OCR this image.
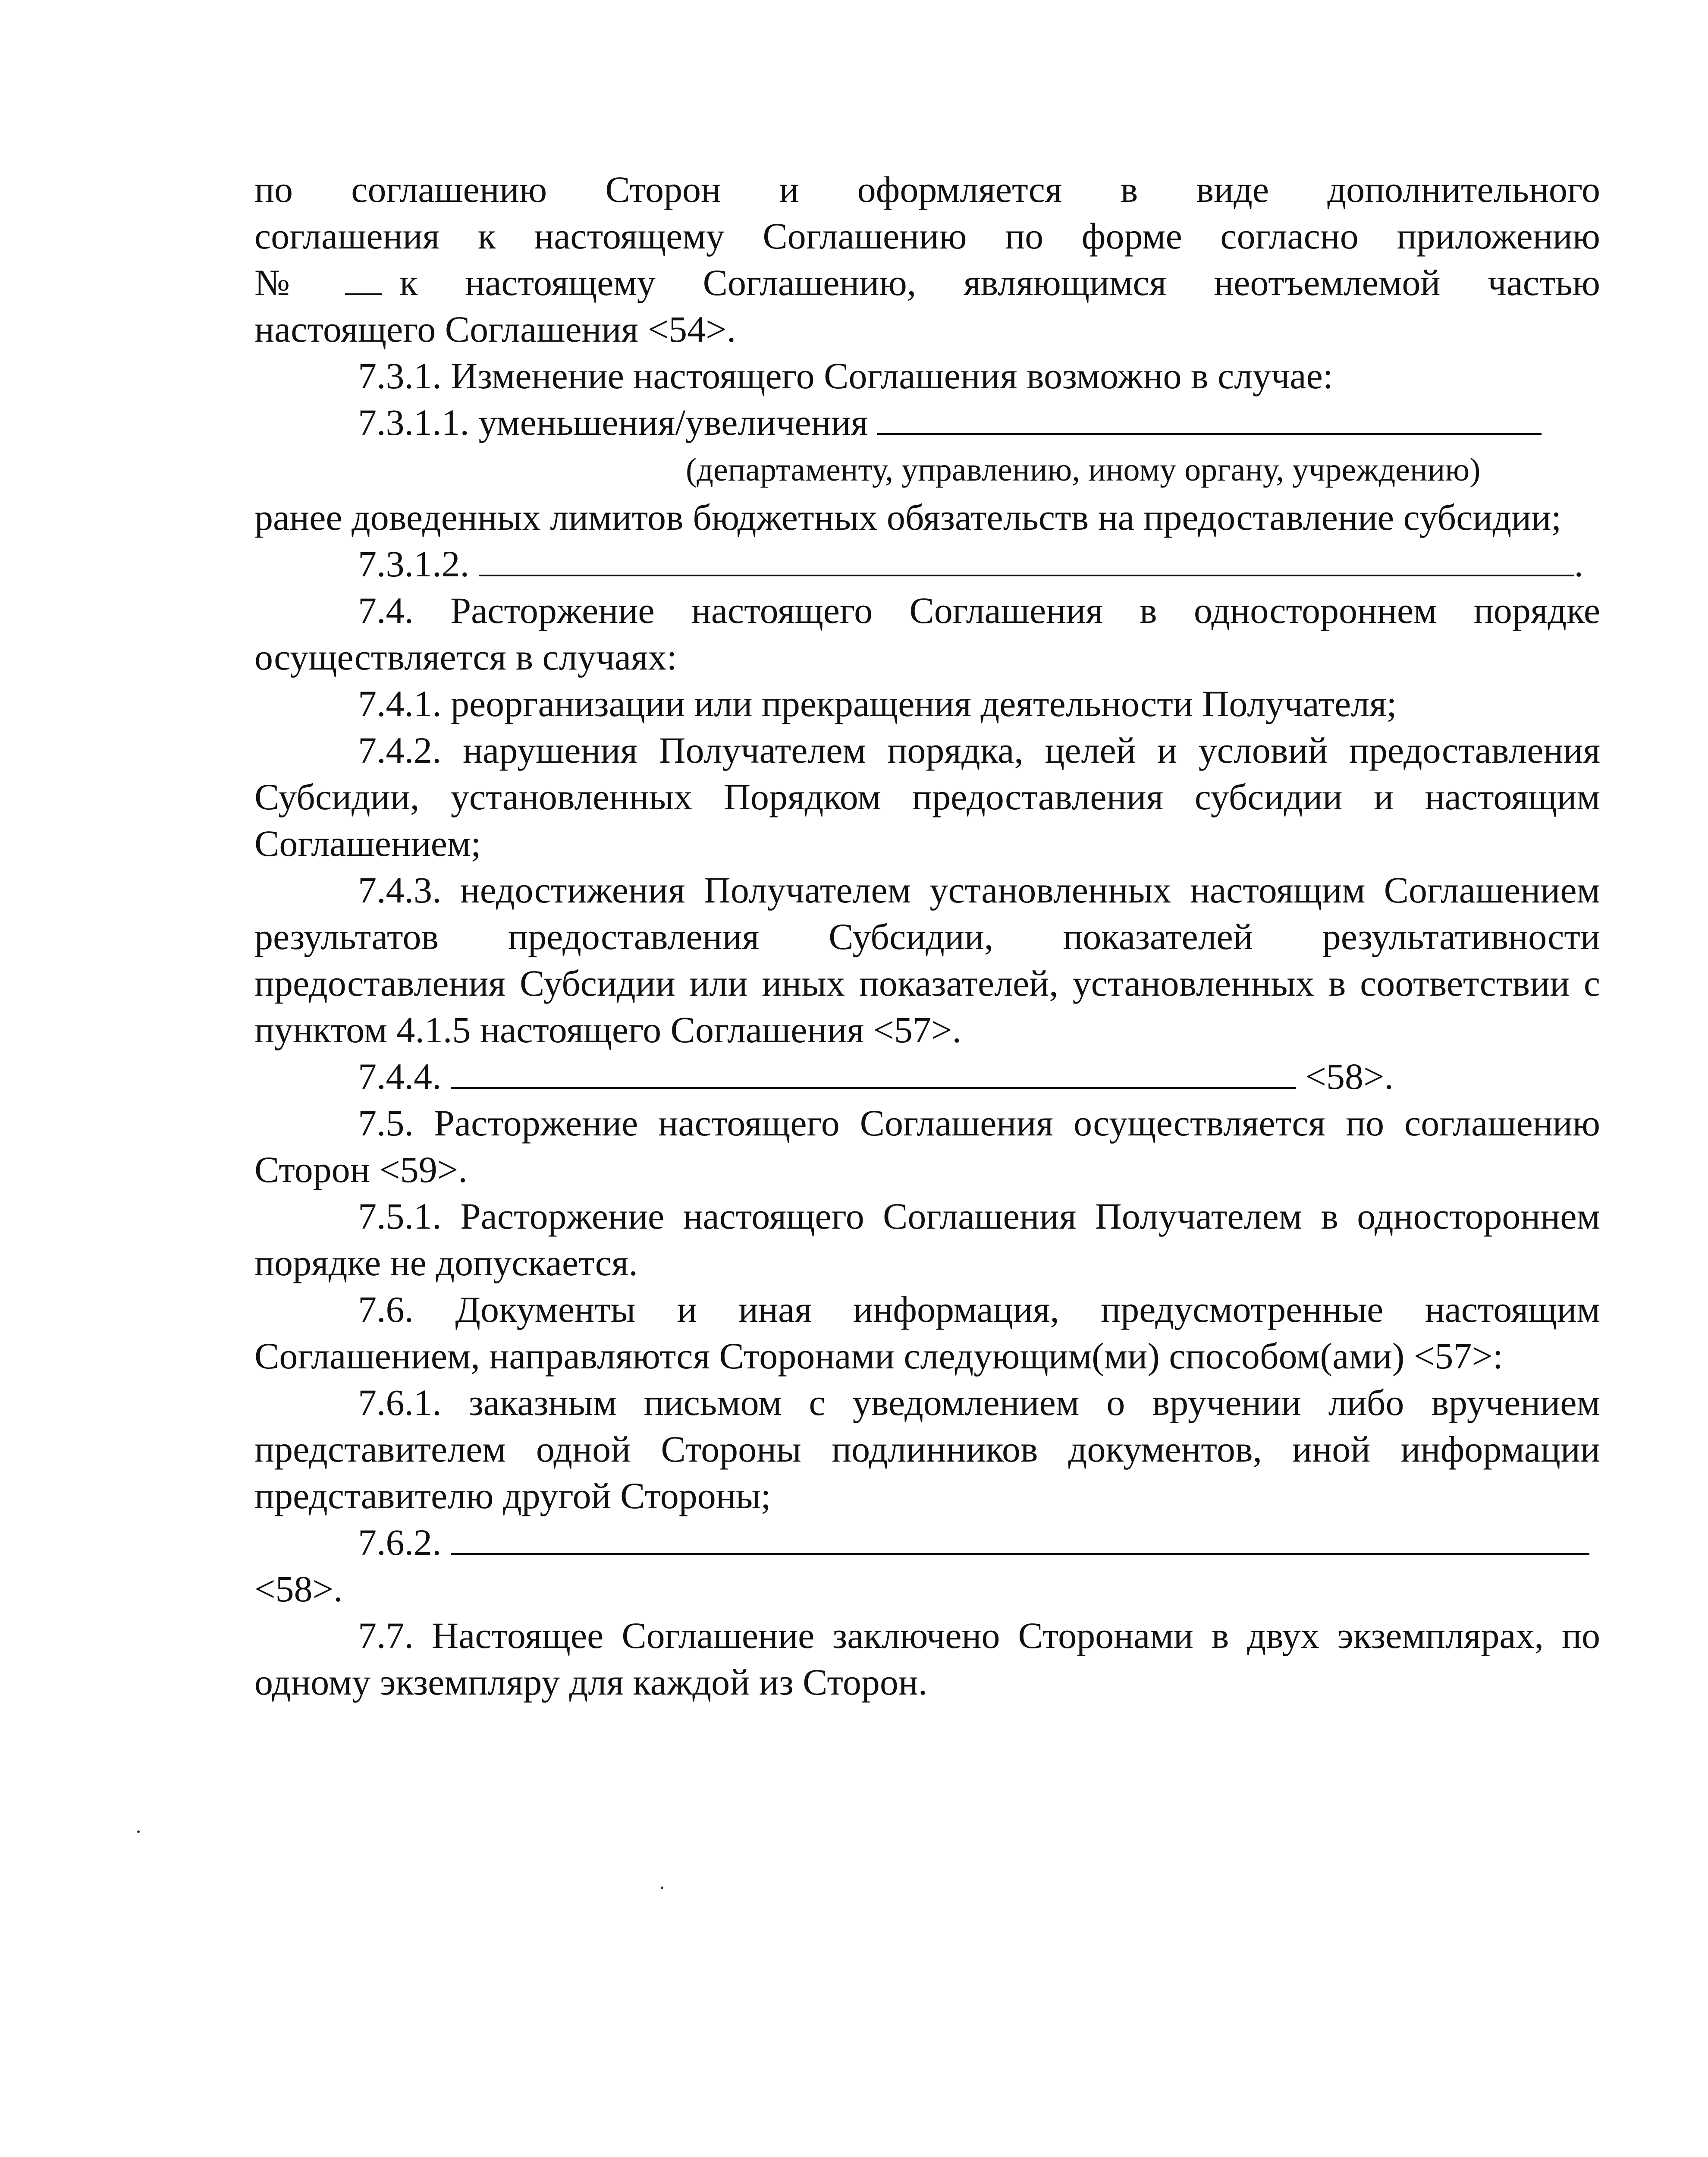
по соглашению Сторон и оформляется в виде дополнительного
соглашения к настоящему Соглашению по форме согласно приложению
№ к настоящему Соглашению, являющимся неотъемлемой частью
настоящего Соглашения <54>.

7.3.1. Изменение настоящего Соглашения возможно в случае:

7.3.1.1. уменьшения/увеличения
(департаменту, управлению, иному органу, учреждению)

ранее доведенных лимитов бюджетных обязательств на предоставление субсидии;

7.3.1.2.	.

7.4. Расторжение настоящего Соглашения в одностороннем порядке осуществляется в случаях:

7.4.1. реорганизации или прекращения деятельности Получателя;

7.4.2. нарушения Получателем порядка, целей и условий предоставления Субсидии, установленных Порядком предоставления субсидии и настоящим Соглашением;

7.4.3. недостижения Получателем установленных настоящим Соглашением результатов предоставления Субсидии, показателей результативности предоставления Субсидии или иных показателей, установленных в соответствии с пунктом 4.1.5 настоящего Соглашения <57>.

7.4.4.	<58>.

7.5. Расторжение настоящего Соглашения осуществляется по соглашению Сторон <59>.

7.5.1. Расторжение настоящего Соглашения Получателем в одностороннем порядке не допускается.

7.6. Документы и иная информация, предусмотренные настоящим Соглашением, направляются Сторонами следующим(ми) способом(ами) <57>:

7.6.1. заказным письмом с уведомлением о вручении либо вручением представителем одной Стороны подлинников документов, иной информации представителю другой Стороны;

7.6.2.

<58>.

7.7. Настоящее Соглашение заключено Сторонами в двух экземплярах, по одному экземпляру для каждой из Сторон.
